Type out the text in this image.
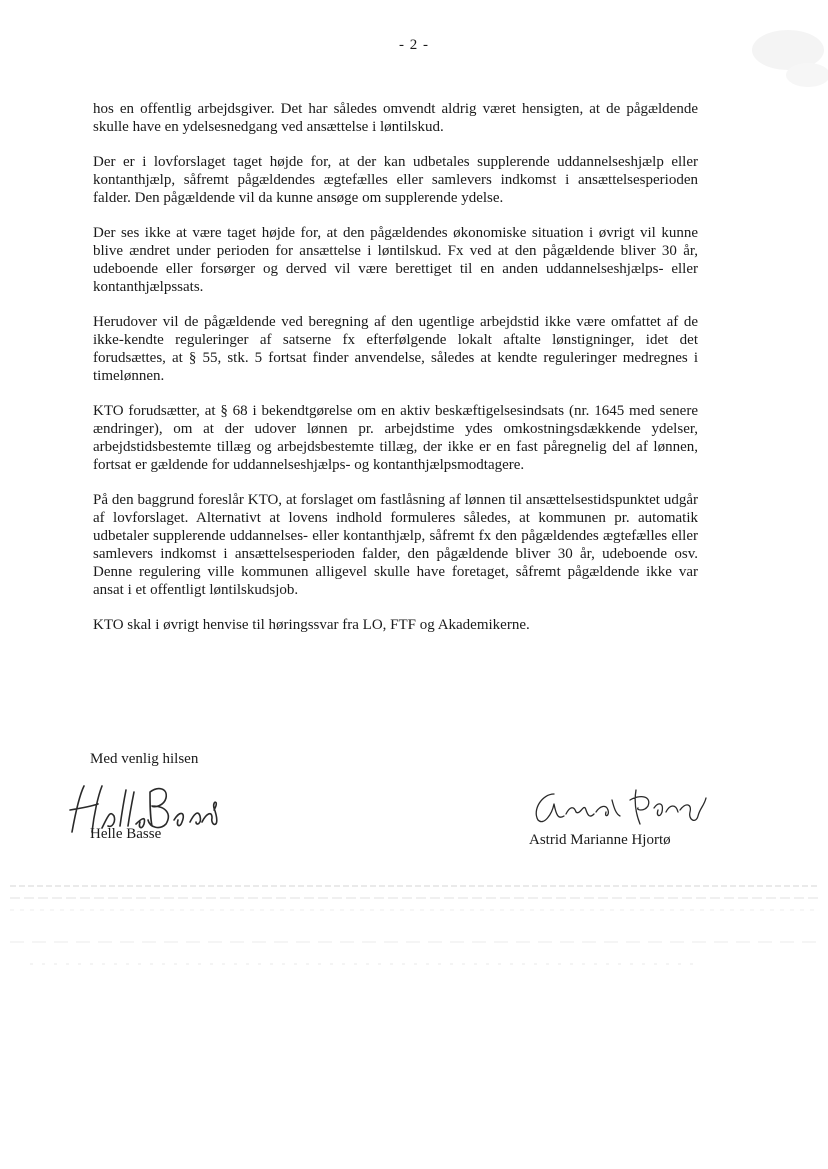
- 2 -

hos en offentlig arbejdsgiver. Det har således omvendt aldrig været hensigten, at de pågældende skulle have en ydelsesnedgang ved ansættelse i løntilskud.

Der er i lovforslaget taget højde for, at der kan udbetales supplerende uddannelseshjælp eller kontanthjælp, såfremt pågældendes ægtefælles eller samlevers indkomst i ansættelsesperioden falder. Den pågældende vil da kunne ansøge om supplerende ydelse.

Der ses ikke at være taget højde for, at den pågældendes økonomiske situation i øvrigt vil kunne blive ændret under perioden for ansættelse i løntilskud. Fx ved at den pågældende bliver 30 år, udeboende eller forsørger og derved vil være berettiget til en anden uddannelseshjælps- eller kontanthjælpssats.

Herudover vil de pågældende ved beregning af den ugentlige arbejdstid ikke være omfattet af de ikke-kendte reguleringer af satserne fx efterfølgende lokalt aftalte lønstigninger, idet det forudsættes, at § 55, stk. 5 fortsat finder anvendelse, således at kendte reguleringer medregnes i timelønnen.

KTO forudsætter, at § 68 i bekendtgørelse om en aktiv beskæftigelsesindsats (nr. 1645 med senere ændringer), om at der udover lønnen pr. arbejdstime ydes omkostningsdækkende ydelser, arbejdstidsbestemte tillæg og arbejdsbestemte tillæg, der ikke er en fast påregnelig del af lønnen, fortsat er gældende for uddannelseshjælps- og kontanthjælpsmodtagere.

På den baggrund foreslår KTO, at forslaget om fastlåsning af lønnen til ansættelsestidspunktet udgår af lovforslaget. Alternativt at lovens indhold formuleres således, at kommunen pr. automatik udbetaler supplerende uddannelses- eller kontanthjælp, såfremt fx den pågældendes ægtefælles eller samlevers indkomst i ansættelsesperioden falder, den pågældende bliver 30 år, udeboende osv. Denne regulering ville kommunen alligevel skulle have foretaget, såfremt pågældende ikke var ansat i et offentligt løntilskudsjob.

KTO skal i øvrigt henvise til høringssvar fra LO, FTF og Akademikerne.

Med venlig hilsen

Helle Basse	Astrid Marianne Hjortø
